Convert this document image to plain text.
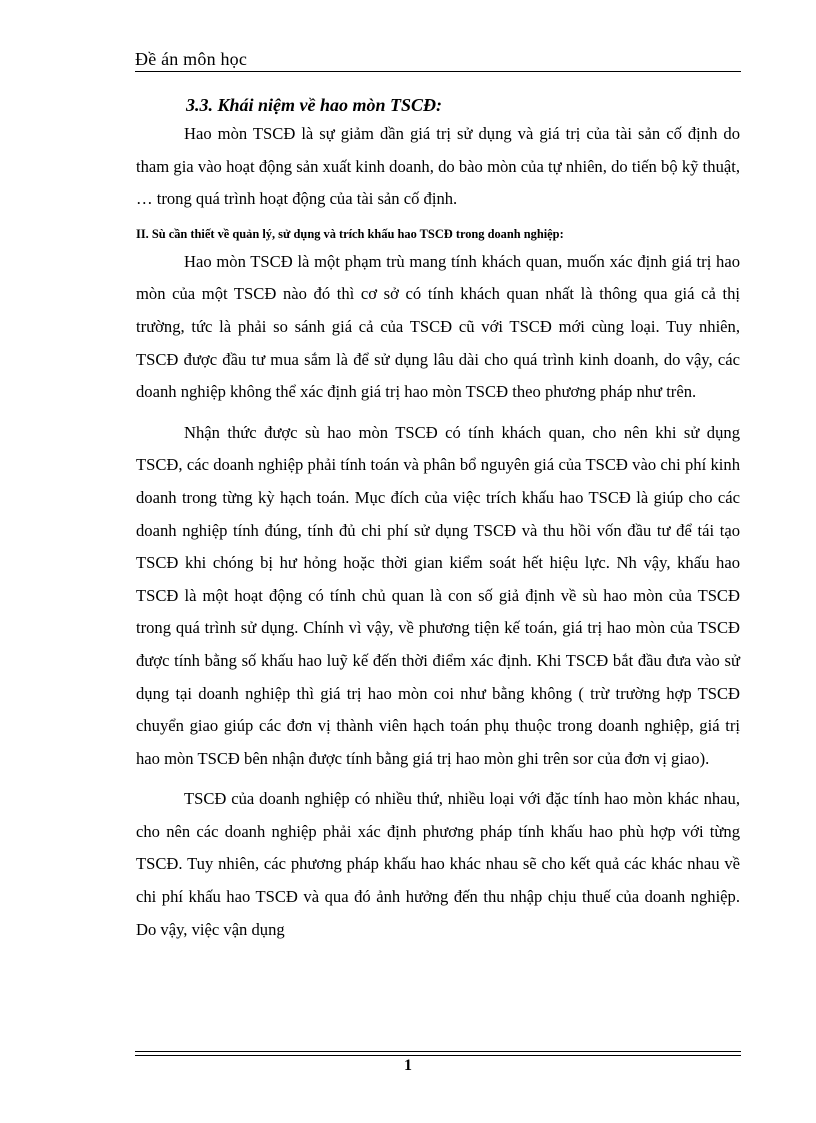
Đề án môn học
3.3. Khái niệm về hao mòn TSCĐ:

Hao mòn TSCĐ là sự giảm dần giá trị sử dụng và giá trị của tài sản cố định do tham gia vào hoạt động sản xuất kinh doanh, do bào mòn của tự nhiên, do tiến bộ kỹ thuật, … trong quá trình hoạt động của tài sản cố định.

II. Sù cần thiết về quản lý, sử dụng và trích khấu hao TSCĐ trong doanh nghiệp:

Hao mòn TSCĐ là một phạm trù mang tính khách quan, muốn xác định giá trị hao mòn của một TSCĐ nào đó thì cơ sở có tính khách quan nhất là thông qua giá cả thị trường, tức là phải so sánh giá cả của TSCĐ cũ với TSCĐ mới cùng loại. Tuy nhiên, TSCĐ được đầu tư mua sắm là để sử dụng lâu dài cho quá trình kinh doanh, do vậy, các doanh nghiệp không thể xác định giá trị hao mòn TSCĐ theo phương pháp như trên.

Nhận thức được sù hao mòn TSCĐ có tính khách quan, cho nên khi sử dụng TSCĐ, các doanh nghiệp phải tính toán và phân bổ nguyên giá của TSCĐ vào chi phí kinh doanh trong từng kỳ hạch toán. Mục đích của việc trích khấu hao TSCĐ là giúp cho các doanh nghiệp tính đúng, tính đủ chi phí sử dụng TSCĐ và thu hồi vốn đầu tư để tái tạo TSCĐ khi chóng bị hư hỏng hoặc thời gian kiểm soát hết hiệu lực. Nh vậy, khấu hao TSCĐ là một hoạt động có tính chủ quan là con số giả định về sù hao mòn của TSCĐ trong quá trình sử dụng. Chính vì vậy, về phương tiện kế toán, giá trị hao mòn của TSCĐ được tính bằng số khấu hao luỹ kế đến thời điểm xác định. Khi TSCĐ bắt đầu đưa vào sử dụng tại doanh nghiệp thì giá trị hao mòn coi như bằng không ( trừ trường hợp TSCĐ chuyển giao giúp các đơn vị thành viên hạch toán phụ thuộc trong doanh nghiệp, giá trị hao mòn TSCĐ bên nhận được tính bằng giá trị hao mòn ghi trên sor của đơn vị giao).

TSCĐ của doanh nghiệp có nhiều thứ, nhiều loại với đặc tính hao mòn khác nhau, cho nên các doanh nghiệp phải xác định phương pháp tính khấu hao phù hợp với từng TSCĐ. Tuy nhiên, các phương pháp khấu hao khác nhau sẽ cho kết quả các khác nhau về chi phí khấu hao TSCĐ và qua đó ảnh hưởng đến thu nhập chịu thuế của doanh nghiệp. Do vậy, việc vận dụng

1
